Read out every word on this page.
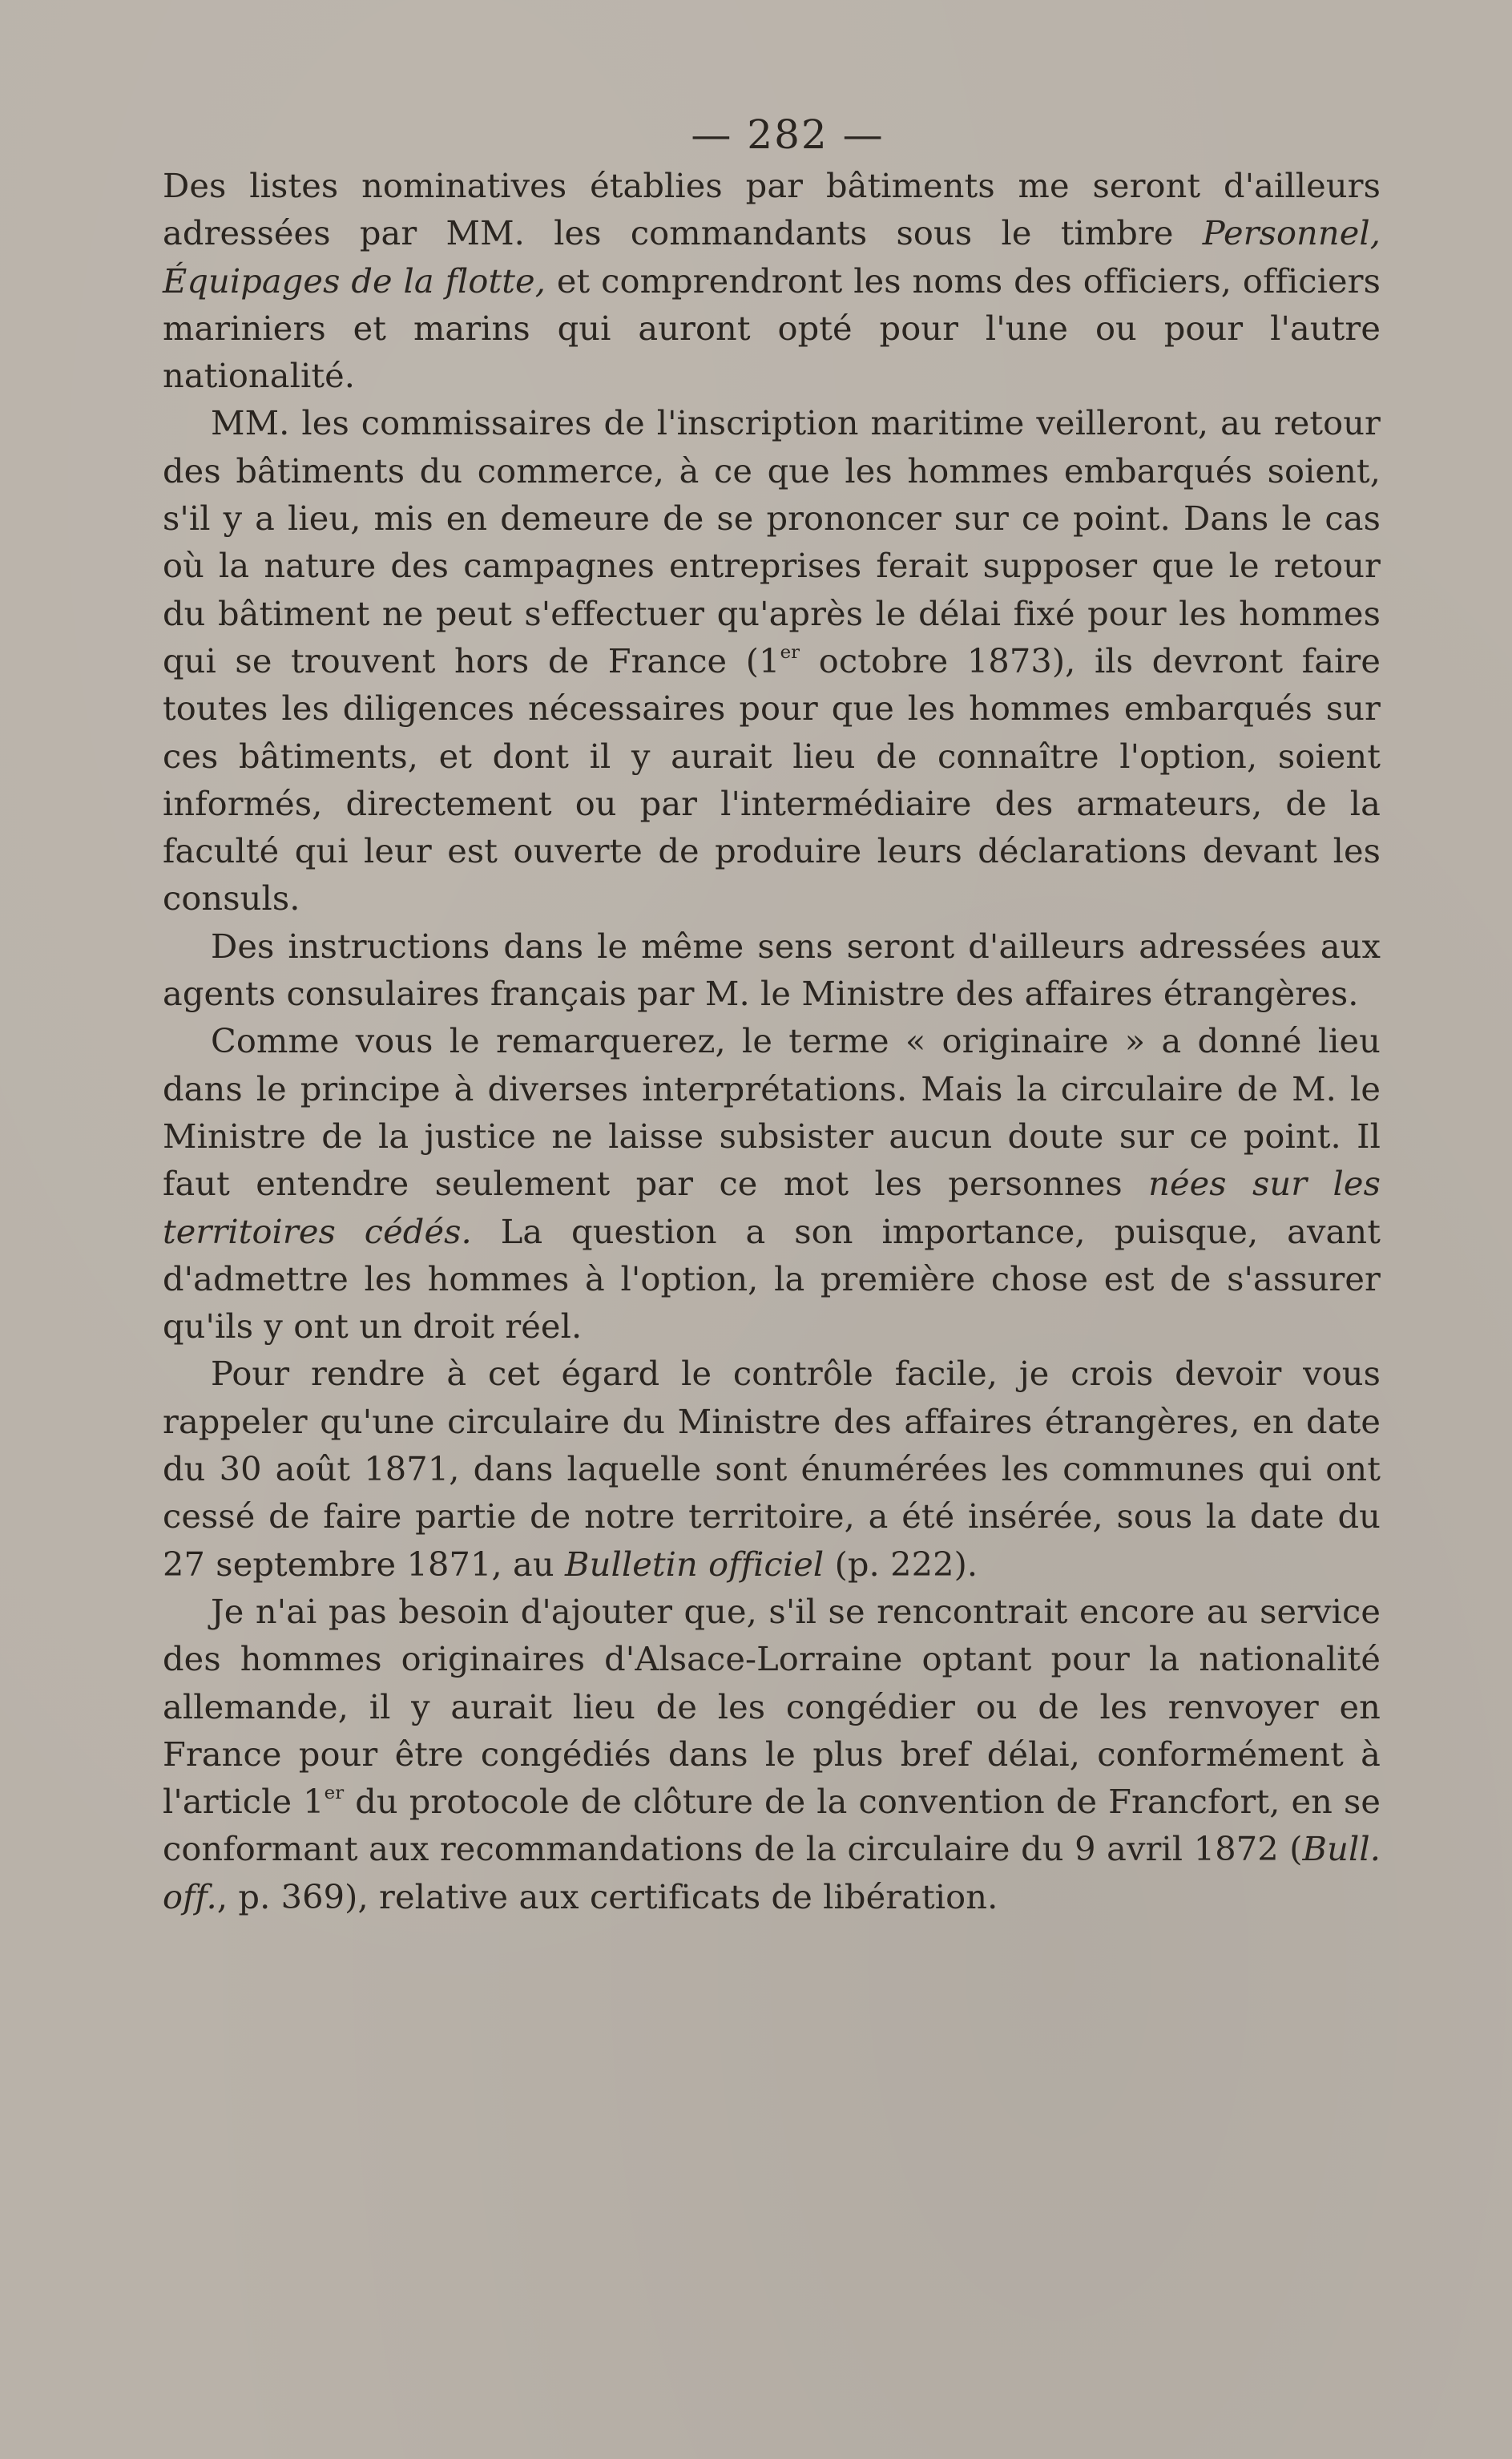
— 282 —

Des listes nominatives établies par bâtiments me seront d'ailleurs adressées par MM. les commandants sous le timbre Personnel, Équipages de la flotte, et comprendront les noms des officiers, officiers mariniers et marins qui auront opté pour l'une ou pour l'autre nationalité.

MM. les commissaires de l'inscription maritime veilleront, au retour des bâtiments du commerce, à ce que les hommes embarqués soient, s'il y a lieu, mis en demeure de se prononcer sur ce point. Dans le cas où la nature des campagnes entreprises ferait supposer que le retour du bâtiment ne peut s'effectuer qu'après le délai fixé pour les hommes qui se trouvent hors de France (1er octobre 1873), ils devront faire toutes les diligences nécessaires pour que les hommes embarqués sur ces bâtiments, et dont il y aurait lieu de connaître l'option, soient informés, directement ou par l'intermédiaire des armateurs, de la faculté qui leur est ouverte de produire leurs déclarations devant les consuls.

Des instructions dans le même sens seront d'ailleurs adressées aux agents consulaires français par M. le Ministre des affaires étrangères.

Comme vous le remarquerez, le terme « originaire » a donné lieu dans le principe à diverses interprétations. Mais la circulaire de M. le Ministre de la justice ne laisse subsister aucun doute sur ce point. Il faut entendre seulement par ce mot les personnes nées sur les territoires cédés. La question a son importance, puisque, avant d'admettre les hommes à l'option, la première chose est de s'assurer qu'ils y ont un droit réel.

Pour rendre à cet égard le contrôle facile, je crois devoir vous rappeler qu'une circulaire du Ministre des affaires étrangères, en date du 30 août 1871, dans laquelle sont énumérées les communes qui ont cessé de faire partie de notre territoire, a été insérée, sous la date du 27 septembre 1871, au Bulletin officiel (p. 222).

Je n'ai pas besoin d'ajouter que, s'il se rencontrait encore au service des hommes originaires d'Alsace-Lorraine optant pour la nationalité allemande, il y aurait lieu de les congédier ou de les renvoyer en France pour être congédiés dans le plus bref délai, conformément à l'article 1er du protocole de clôture de la convention de Francfort, en se conformant aux recommandations de la circulaire du 9 avril 1872 (Bull. off., p. 369), relative aux certificats de libération.
